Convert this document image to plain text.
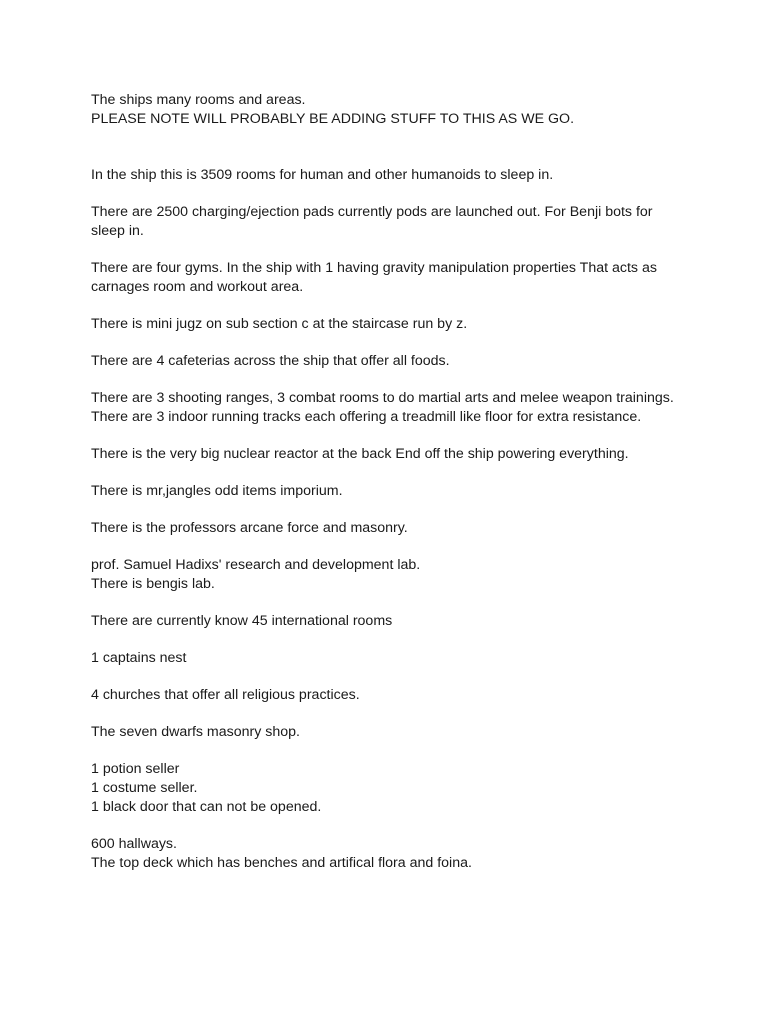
The ships many rooms and areas.
PLEASE NOTE WILL PROBABLY BE ADDING STUFF TO THIS AS WE GO.
In the ship this is 3509 rooms for human and other humanoids to sleep in.
There are 2500 charging/ejection pads currently pods are launched out. For Benji bots for sleep in.
There are four gyms. In the ship with 1 having gravity manipulation properties That acts as carnages room and workout area.
There is mini jugz on sub section c at the staircase run by z.
There are 4 cafeterias across the ship that offer all foods.
There are 3 shooting ranges, 3 combat rooms to do martial arts and melee weapon trainings.
There are 3 indoor running tracks each offering a treadmill like floor for extra resistance.
There is the very big nuclear reactor at the back End off the ship powering everything.
There is mr,jangles odd items imporium.
There is the professors arcane force and masonry.
prof. Samuel Hadixs' research and development lab.
There is bengis lab.
There are currently know 45 international rooms
1 captains nest
4 churches that offer all religious practices.
The seven dwarfs masonry shop.
1 potion seller
1 costume seller.
1 black door that can not be opened.
600 hallways.
The top deck which has benches and artifical flora and foina.
